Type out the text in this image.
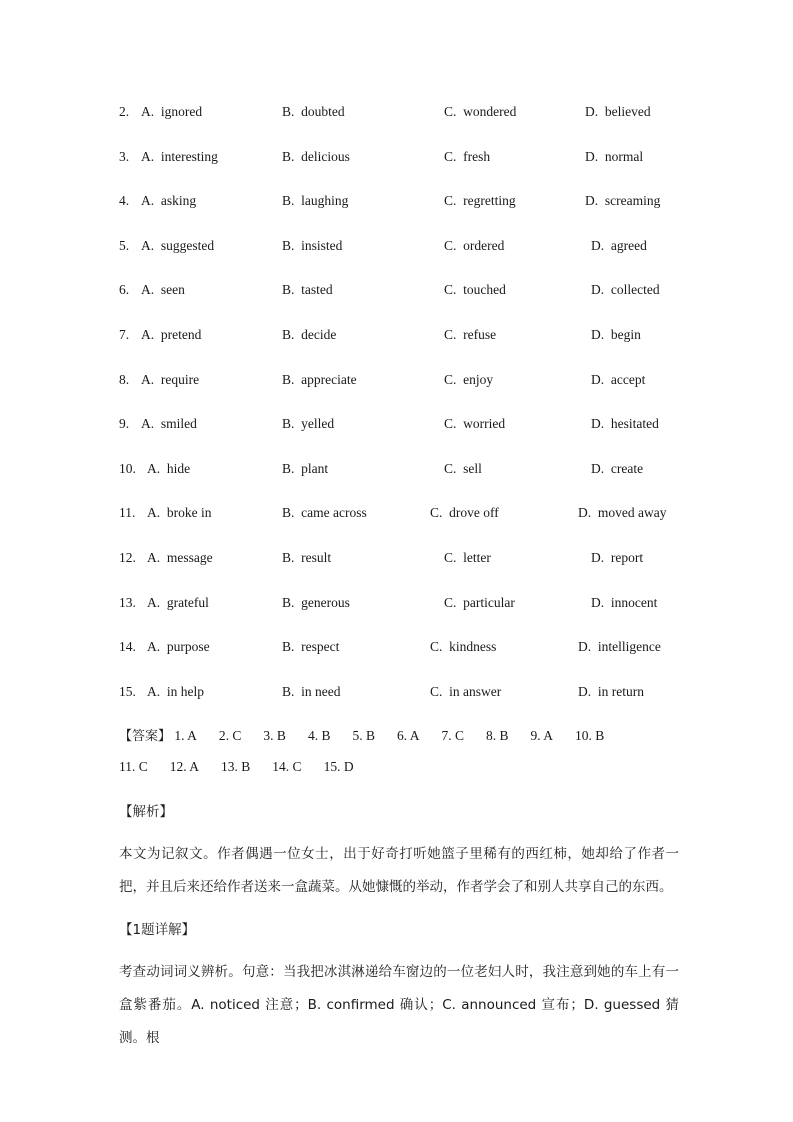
2. A. ignored	B. doubted	C. wondered	D. believed
3. A. interesting	B. delicious	C. fresh	D. normal
4. A. asking	B. laughing	C. regretting	D. screaming
5. A. suggested	B. insisted	C. ordered	D. agreed
6. A. seen	B. tasted	C. touched	D. collected
7. A. pretend	B. decide	C. refuse	D. begin
8. A. require	B. appreciate	C. enjoy	D. accept
9. A. smiled	B. yelled	C. worried	D. hesitated
10. A. hide	B. plant	C. sell	D. create
11. A. broke in	B. came across	C. drove off	D. moved away
12. A. message	B. result	C. letter	D. report
13. A. grateful	B. generous	C. particular	D. innocent
14. A. purpose	B. respect	C. kindness	D. intelligence
15. A. in help	B. in need	C. in answer	D. in return
【答案】 1. A 2. C 3. B 4. B 5. B 6. A 7. C 8. B 9. A 10. B
11. C 12. A 13. B 14. C 15. D
【解析】
本文为记叙文。作者偶遇一位女士，出于好奇打听她篮子里稀有的西红柿，她却给了作者一把，并且后来还给作者送来一盒蔬菜。从她慷慨的举动，作者学会了和别人共享自己的东西。
【1题详解】
考查动词词义辨析。句意：当我把冰淇淋递给车窗边的一位老妇人时，我注意到她的车上有一盒紫番茄。A. noticed 注意；B. confirmed 确认；C. announced 宣布；D. guessed 猜测。根
